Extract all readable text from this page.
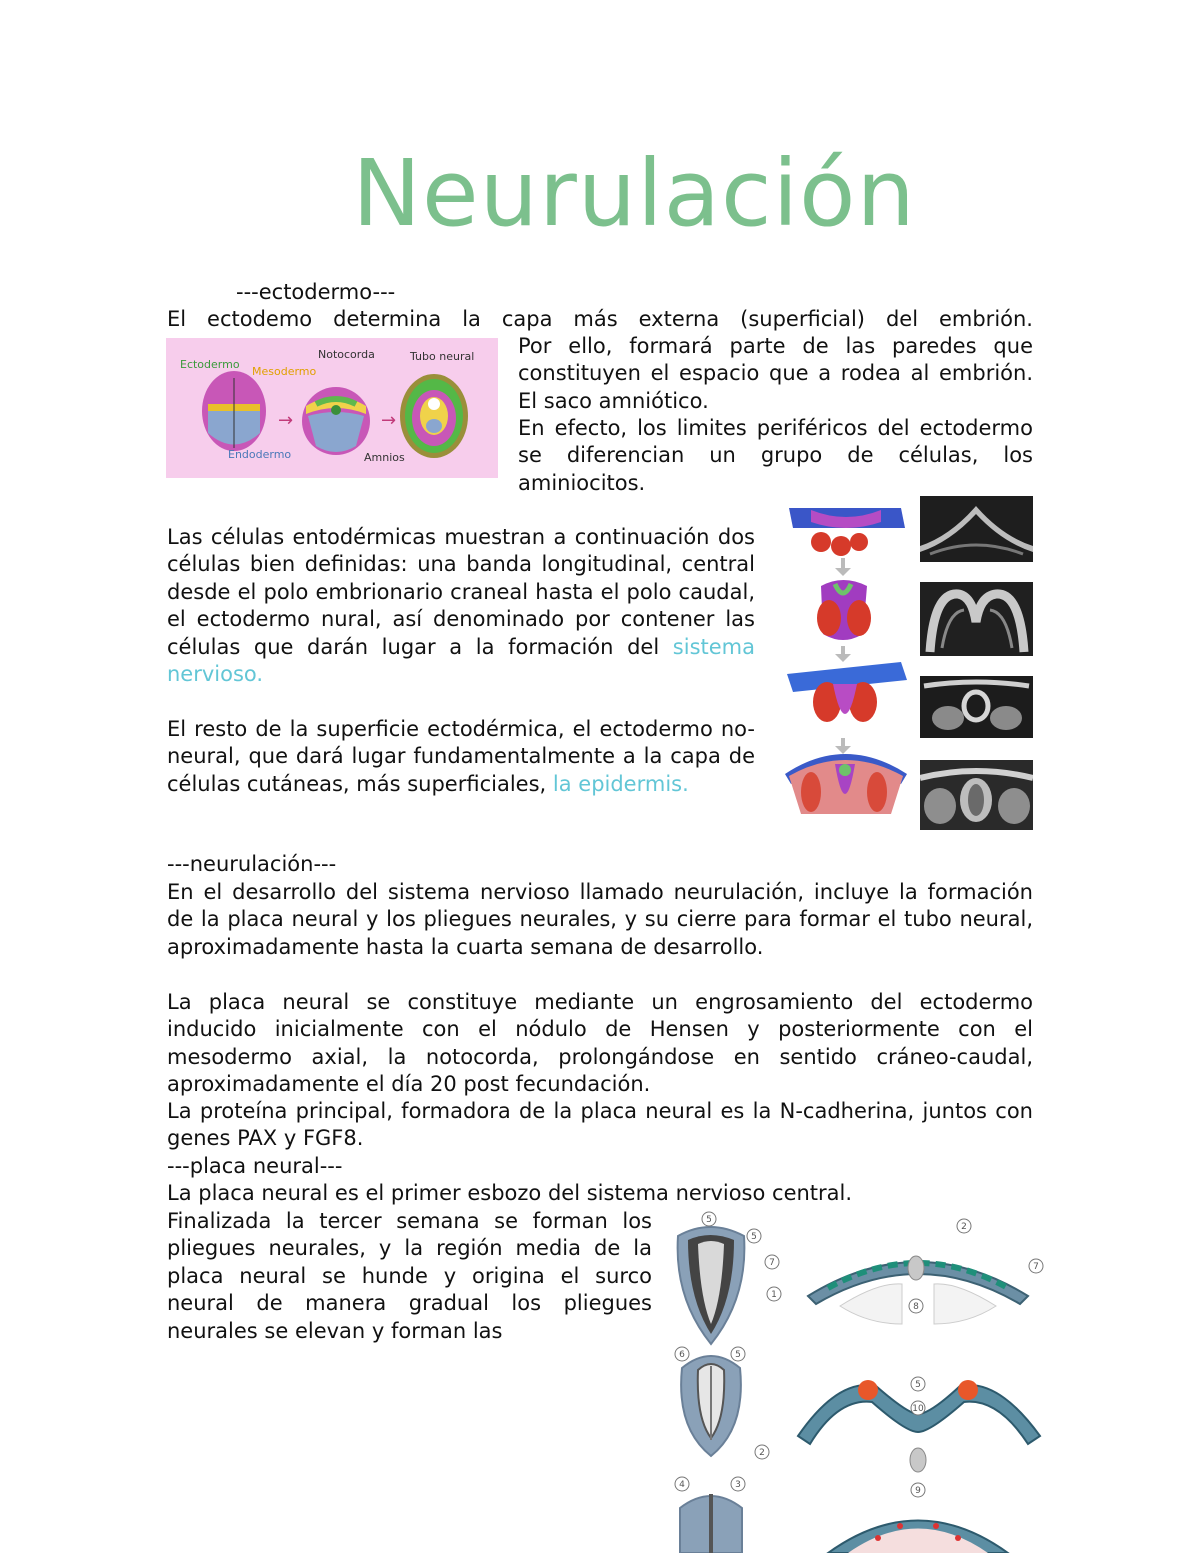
Neurulación
---ectodermo---
El ectodemo determina la capa más externa (superficial) del embrión.
→	→
Ectodermo
Mesodermo
Notocorda	Tubo neural
Endodermo	Amnios
Por ello, formará parte de las paredes que constituyen el espacio que a rodea al embrión. El saco amniótico.
En efecto, los limites periféricos del ectodermo se diferencian un grupo de células, los aminiocitos.
Las células entodérmicas muestran a continuación dos células bien definidas: una banda longitudinal, central desde el polo embrionario craneal hasta el polo caudal, el ectodermo nural, así denominado por contener las células que darán lugar a la formación del sistema nervioso.
El resto de la superficie ectodérmica, el ectodermo no-neural, que dará lugar fundamentalmente a la capa de células cutáneas, más superficiales, la epidermis.
---neurulación---
En el desarrollo del sistema nervioso llamado neurulación, incluye la formación de la placa neural y los pliegues neurales, y su cierre para formar el tubo neural, aproximadamente hasta la cuarta semana de desarrollo.
La placa neural se constituye mediante un engrosamiento del ectodermo inducido inicialmente con el nódulo de Hensen y posteriormente con el mesodermo axial, la notocorda, prolongándose en sentido cráneo-caudal, aproximadamente el día 20 post fecundación.
La proteína principal, formadora de la placa neural es la N-cadherina, juntos con genes PAX y FGF8.
---placa neural---
La placa neural es el primer esbozo del sistema nervioso central.
Finalizada la tercer semana se forman los pliegues neurales, y la región media de la placa neural se hunde y origina el surco neural de manera gradual los pliegues neurales se elevan y forman las
5
5
7
1
2
7
8
6	5
2
5
10
4	3
9
